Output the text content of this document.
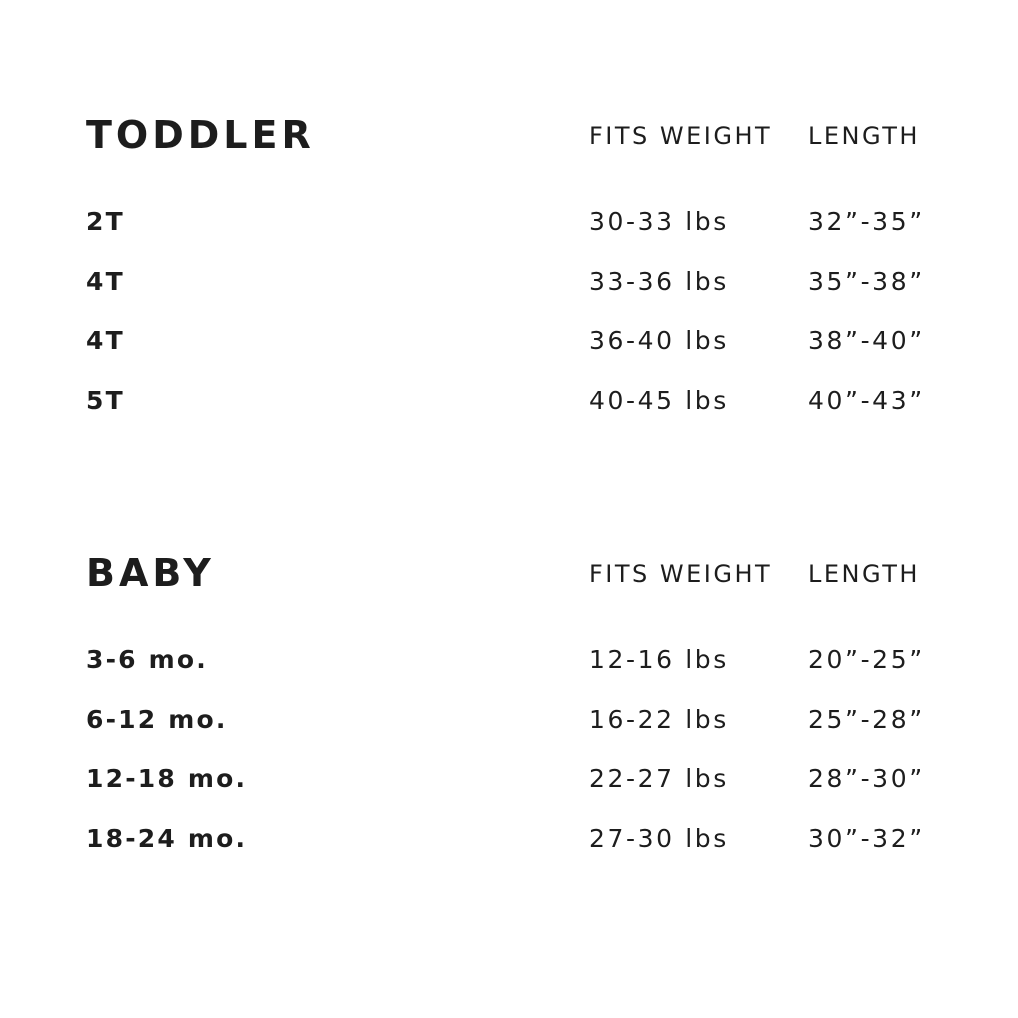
TODDLER	FITS WEIGHT LENGTH
2T	30-33 lbs	32”-35”
4T	33-36 lbs	35”-38”
4T	36-40 lbs	38”-40”
5T	40-45 lbs	40”-43”
BABY	FITS WEIGHT LENGTH
3-6 mo.	12-16 lbs	20”-25”
6-12 mo.	16-22 lbs	25”-28”
12-18 mo.	22-27 lbs	28”-30”
18-24 mo.	27-30 lbs	30”-32”
